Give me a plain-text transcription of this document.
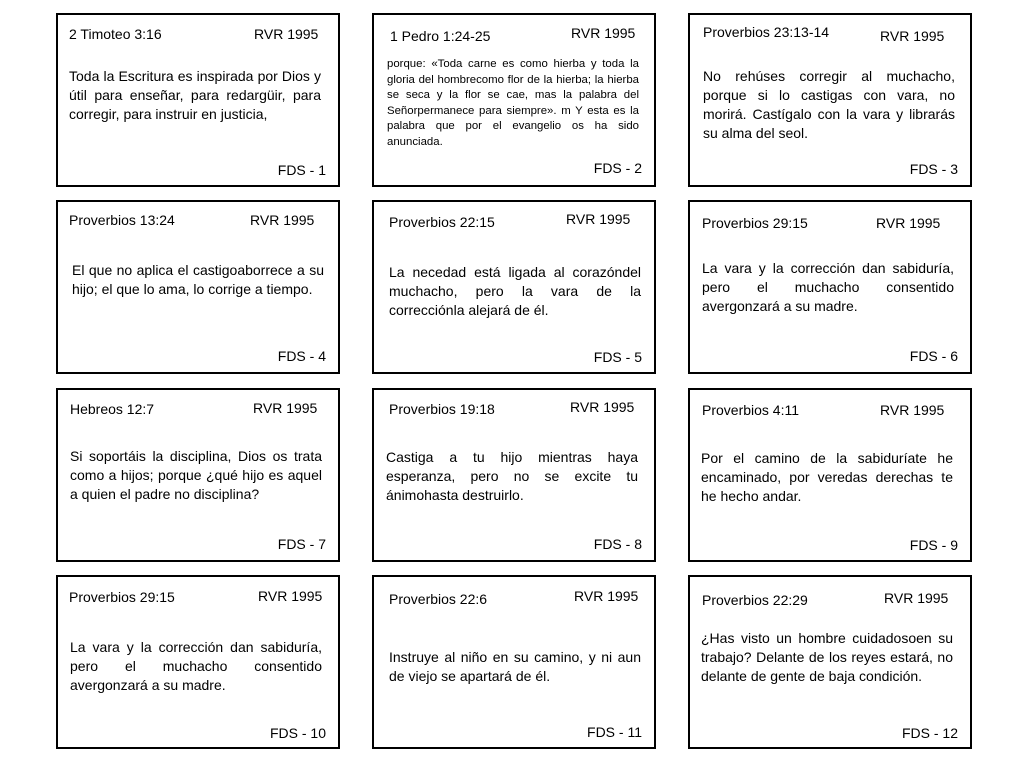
2 Timoteo 3:16	RVR 1995
Toda la Escritura es inspirada por Dios y útil para enseñar, para redargüir, para corregir, para instruir en justicia,
FDS - 1
1 Pedro 1:24-25	RVR 1995
porque: «Toda carne es como hierba y toda la gloria del hombrecomo flor de la hierba; la hierba se seca y la flor se cae, mas la palabra del Señorpermanece para siempre». m Y esta es la palabra que por el evangelio os ha sido anunciada.
FDS - 2
Proverbios 23:13-14	RVR 1995
No rehúses corregir al muchacho, porque si lo castigas con vara, no morirá. Castígalo con la vara y librarás su alma del seol.
FDS - 3
Proverbios 13:24	RVR 1995
El que no aplica el castigoaborrece a su hijo; el que lo ama, lo corrige a tiempo.
FDS - 4
Proverbios 22:15	RVR 1995
La necedad está ligada al corazóndel muchacho, pero la vara de la correcciónla alejará de él.
FDS - 5
Proverbios 29:15	RVR 1995
La vara y la corrección dan sabiduría, pero el muchacho consentido avergonzará a su madre.
FDS - 6
Hebreos 12:7	RVR 1995
Si soportáis la disciplina, Dios os trata como a hijos; porque ¿qué hijo es aquel a quien el padre no disciplina?
FDS - 7
Proverbios 19:18	RVR 1995
Castiga a tu hijo mientras haya esperanza, pero no se excite tu ánimohasta destruirlo.
FDS - 8
Proverbios 4:11	RVR 1995
Por el camino de la sabiduríate he encaminado, por veredas derechas te he hecho andar.
FDS - 9
Proverbios 29:15	RVR 1995
La vara y la corrección dan sabiduría, pero el muchacho consentido avergonzará a su madre.
FDS - 10
Proverbios 22:6	RVR 1995
Instruye al niño en su camino, y ni aun de viejo se apartará de él.
FDS - 11
Proverbios 22:29	RVR 1995
¿Has visto un hombre cuidadosoen su trabajo? Delante de los reyes estará, no delante de gente de baja condición.
FDS - 12
